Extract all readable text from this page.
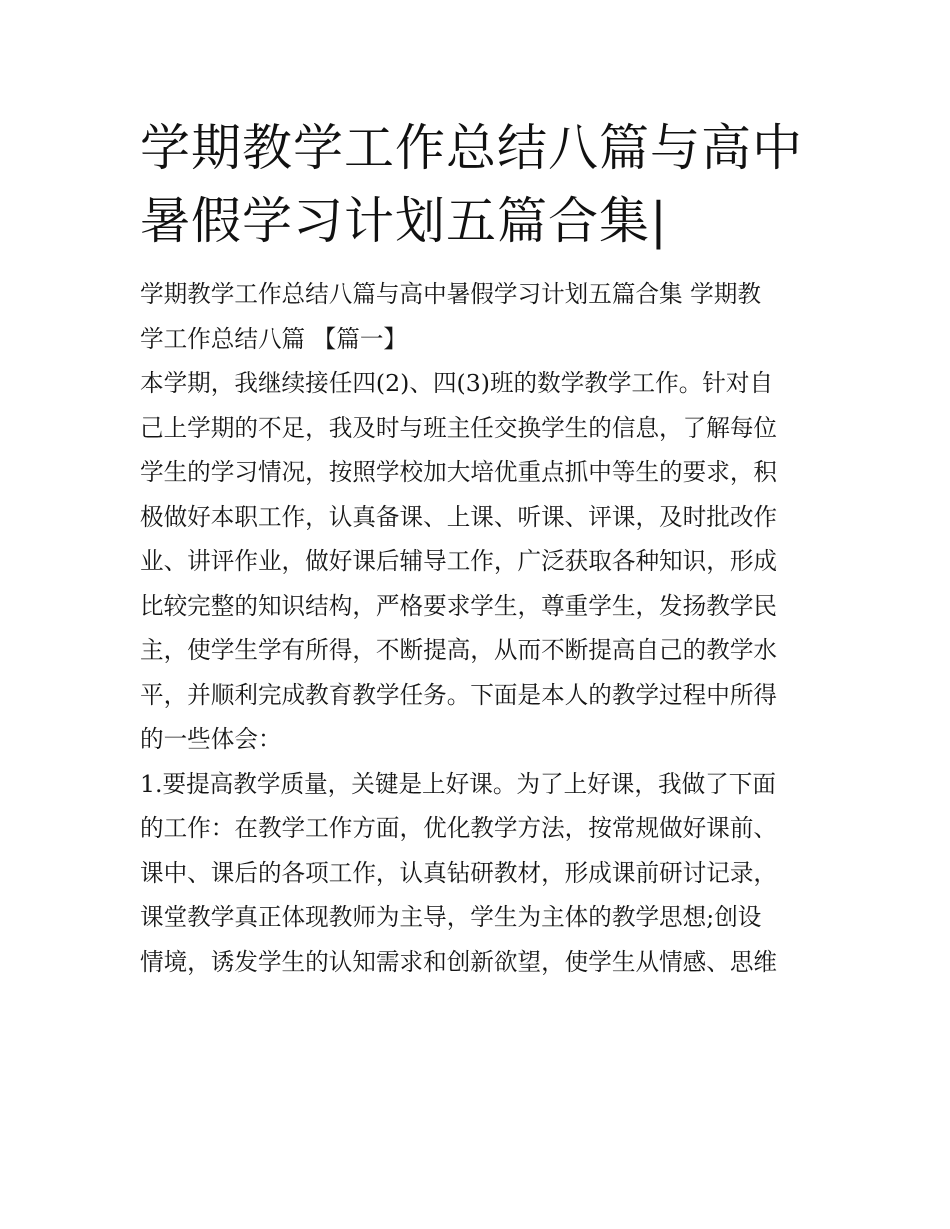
学期教学工作总结八篇与高中
暑假学习计划五篇合集|
学期教学工作总结八篇与高中暑假学习计划五篇合集 学期教
学工作总结八篇 【篇一】
本学期，我继续接任四(2)、四(3)班的数学教学工作。针对自
己上学期的不足，我及时与班主任交换学生的信息，了解每位
学生的学习情况，按照学校加大培优重点抓中等生的要求，积
极做好本职工作，认真备课、上课、听课、评课，及时批改作
业、讲评作业，做好课后辅导工作，广泛获取各种知识，形成
比较完整的知识结构，严格要求学生，尊重学生，发扬教学民
主，使学生学有所得，不断提高，从而不断提高自己的教学水
平，并顺利完成教育教学任务。下面是本人的教学过程中所得
的一些体会：
1.要提高教学质量，关键是上好课。为了上好课，我做了下面
的工作：在教学工作方面，优化教学方法，按常规做好课前、
课中、课后的各项工作，认真钻研教材，形成课前研讨记录，
课堂教学真正体现教师为主导，学生为主体的教学思想;创设
情境，诱发学生的认知需求和创新欲望，使学生从情感、思维
